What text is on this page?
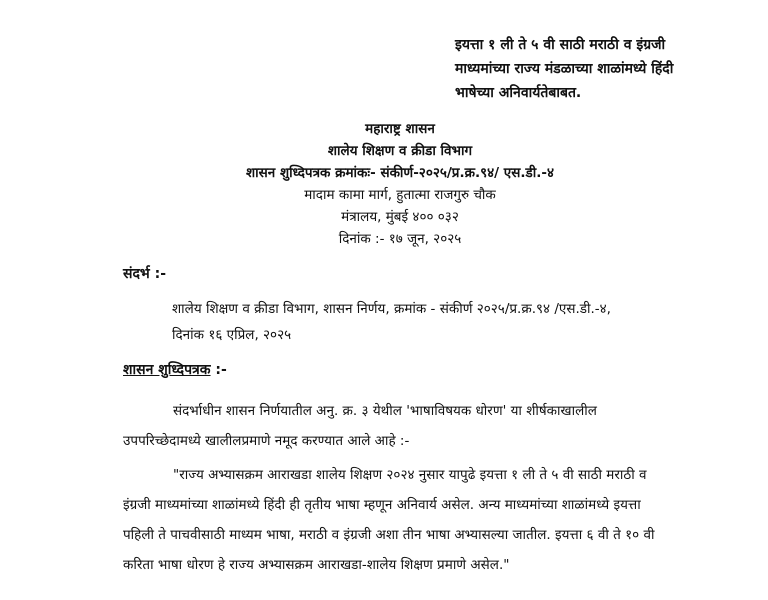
इयत्ता १ ली ते ५ वी साठी मराठी व इंग्रजी
माध्यमांच्या राज्य मंडळाच्या शाळांमध्ये हिंदी
भाषेच्या अनिवार्यतेबाबत.
महाराष्ट्र शासन
शालेय शिक्षण व क्रीडा विभाग
शासन शुध्दिपत्रक क्रमांकः- संकीर्ण-२०२५/प्र.क्र.९४/ एस.डी.-४
मादाम कामा मार्ग, हुतात्मा राजगुरु चौक
मंत्रालय, मुंबई ४०० ०३२
दिनांक :- १७ जून, २०२५
संदर्भ :-
शालेय शिक्षण व क्रीडा विभाग, शासन निर्णय, क्रमांक - संकीर्ण २०२५/प्र.क्र.९४ /एस.डी.-४,
दिनांक १६ एप्रिल, २०२५
शासन शुध्दिपत्रक :-
संदर्भाधीन शासन निर्णयातील अनु. क्र. ३ येथील 'भाषाविषयक धोरण' या शीर्षकाखालील
उपपरिच्छेदामध्ये खालीलप्रमाणे नमूद करण्यात आले आहे :-
"राज्य अभ्यासक्रम आराखडा शालेय शिक्षण २०२४ नुसार यापुढे इयत्ता १ ली ते ५ वी साठी मराठी व
इंग्रजी माध्यमांच्या शाळांमध्ये हिंदी ही तृतीय भाषा म्हणून अनिवार्य असेल. अन्य माध्यमांच्या शाळांमध्ये इयत्ता
पहिली ते पाचवीसाठी माध्यम भाषा, मराठी व इंग्रजी अशा तीन भाषा अभ्यासल्या जातील. इयत्ता ६ वी ते १० वी
करिता भाषा धोरण हे राज्य अभ्यासक्रम आराखडा-शालेय शिक्षण प्रमाणे असेल."
